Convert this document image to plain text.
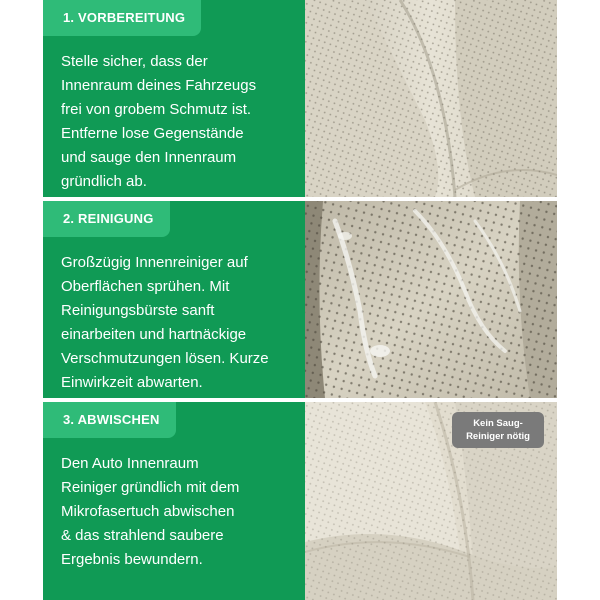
1. VORBEREITUNG
Stelle sicher, dass der
Innenraum deines Fahrzeugs
frei von grobem Schmutz ist.
Entferne lose Gegenstände
und sauge den Innenraum
gründlich ab.
2. REINIGUNG
Großzügig Innenreiniger auf
Oberflächen sprühen. Mit
Reinigungsbürste sanft
einarbeiten und hartnäckige
Verschmutzungen lösen. Kurze
Einwirkzeit abwarten.
3. ABWISCHEN
Den Auto Innenraum
Reiniger gründlich mit dem
Mikrofasertuch abwischen
& das strahlend saubere
Ergebnis bewundern.
Kein Saug-
Reiniger nötig
